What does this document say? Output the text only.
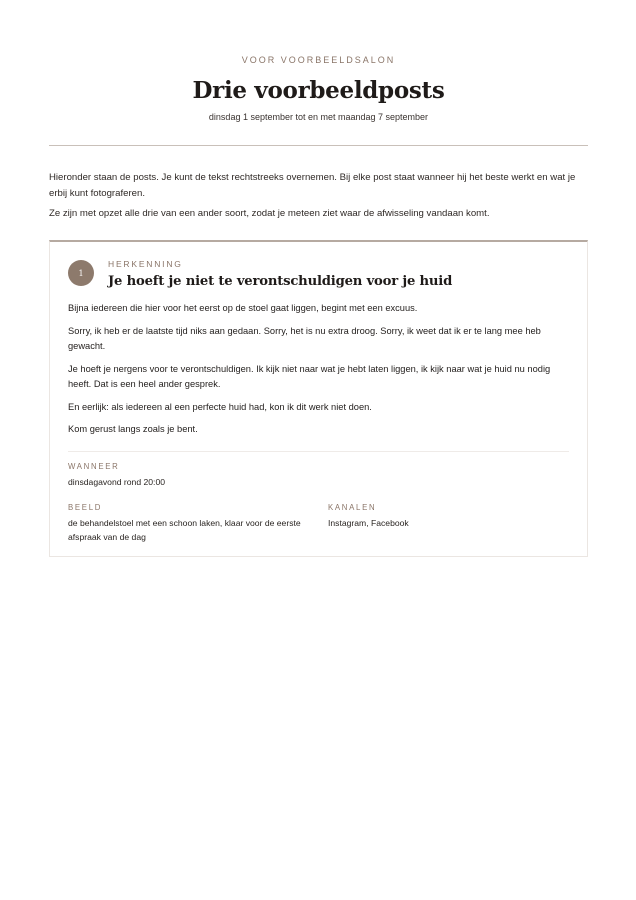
VOOR VOORBEELDSALON
Drie voorbeeldposts
dinsdag 1 september tot en met maandag 7 september

Hieronder staan de posts. Je kunt de tekst rechtstreeks overnemen. Bij elke post staat wanneer hij het beste werkt en wat je erbij kunt fotograferen.

Ze zijn met opzet alle drie van een ander soort, zodat je meteen ziet waar de afwisseling vandaan komt.

1
HERKENNING
Je hoeft je niet te verontschuldigen voor je huid

Bijna iedereen die hier voor het eerst op de stoel gaat liggen, begint met een excuus.

Sorry, ik heb er de laatste tijd niks aan gedaan. Sorry, het is nu extra droog. Sorry, ik weet dat ik er te lang mee heb gewacht.

Je hoeft je nergens voor te verontschuldigen. Ik kijk niet naar wat je hebt laten liggen, ik kijk naar wat je huid nu nodig heeft. Dat is een heel ander gesprek.

En eerlijk: als iedereen al een perfecte huid had, kon ik dit werk niet doen.

Kom gerust langs zoals je bent.

WANNEER
dinsdagavond rond 20:00
BEELD
de behandelstoel met een schoon laken, klaar voor de eerste afspraak van de dag
KANALEN
Instagram, Facebook
